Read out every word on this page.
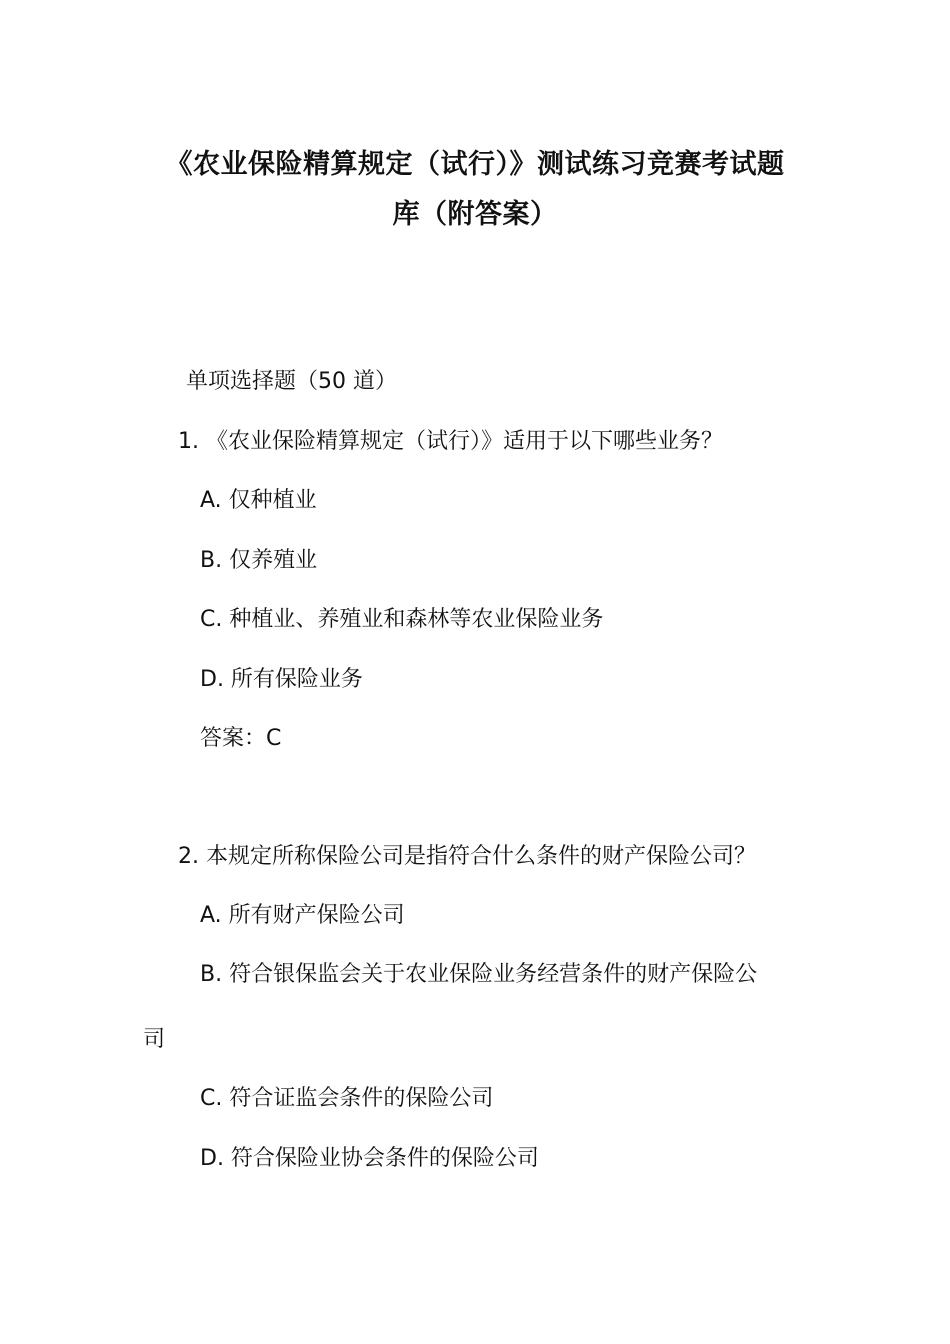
《农业保险精算规定（试行）》测试练习竞赛考试题
库（附答案）
单项选择题（50 道）
1. 《农业保险精算规定（试行）》适用于以下哪些业务？
A. 仅种植业
B. 仅养殖业
C. 种植业、养殖业和森林等农业保险业务
D. 所有保险业务
答案：C
2. 本规定所称保险公司是指符合什么条件的财产保险公司？
A. 所有财产保险公司
B. 符合银保监会关于农业保险业务经营条件的财产保险公
司
C. 符合证监会条件的保险公司
D. 符合保险业协会条件的保险公司
